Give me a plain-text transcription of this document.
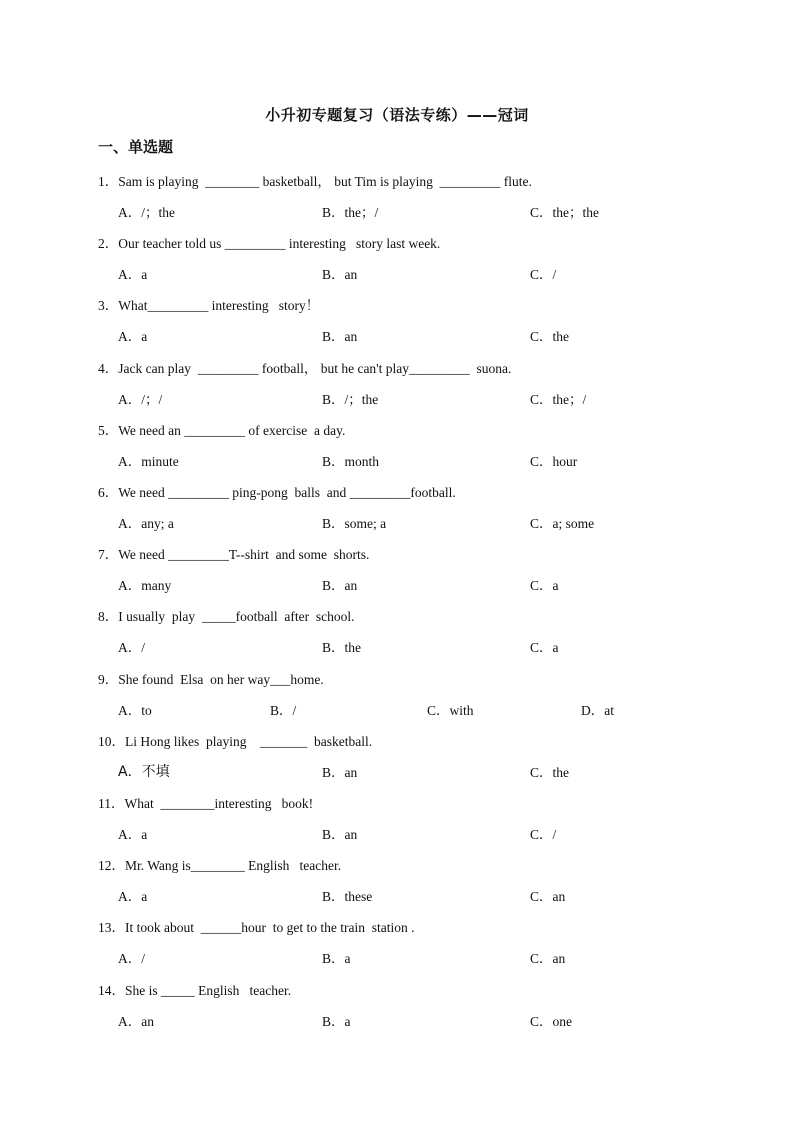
小升初专题复习（语法专练）——冠词
一、单选题
1．Sam is playing  ________ basketball， but Tim is playing  _________ flute.
A．/；the	B．the；/	C．the；the
2．Our teacher told us _________ interesting   story last week.
A．a	B．an	C．/
3．What_________ interesting   story！
A．a	B．an	C．the
4．Jack can play  _________ football， but he can't play_________  suona.
A．/；/	B．/；the	C．the；/
5．We need an _________ of exercise  a day.
A．minute	B．month	C．hour
6．We need _________ ping-pong  balls  and _________football.
A．any; a	B．some; a	C．a; some
7．We need _________T--shirt  and some  shorts.
A．many	B．an	C．a
8．I usually  play  _____football  after  school.
A．/	B．the	C．a
9．She found  Elsa  on her way___home.
A．to	B．/	C．with	D．at
10．Li Hong likes  playing    _______  basketball.
A．不填	B．an	C．the
11．What  ________interesting   book!
A．a	B．an	C．/
12．Mr. Wang is________ English   teacher.
A．a	B．these	C．an
13．It took about  ______hour  to get to the train  station .
A．/	B．a	C．an
14．She is _____ English   teacher.
A．an	B．a	C．one
